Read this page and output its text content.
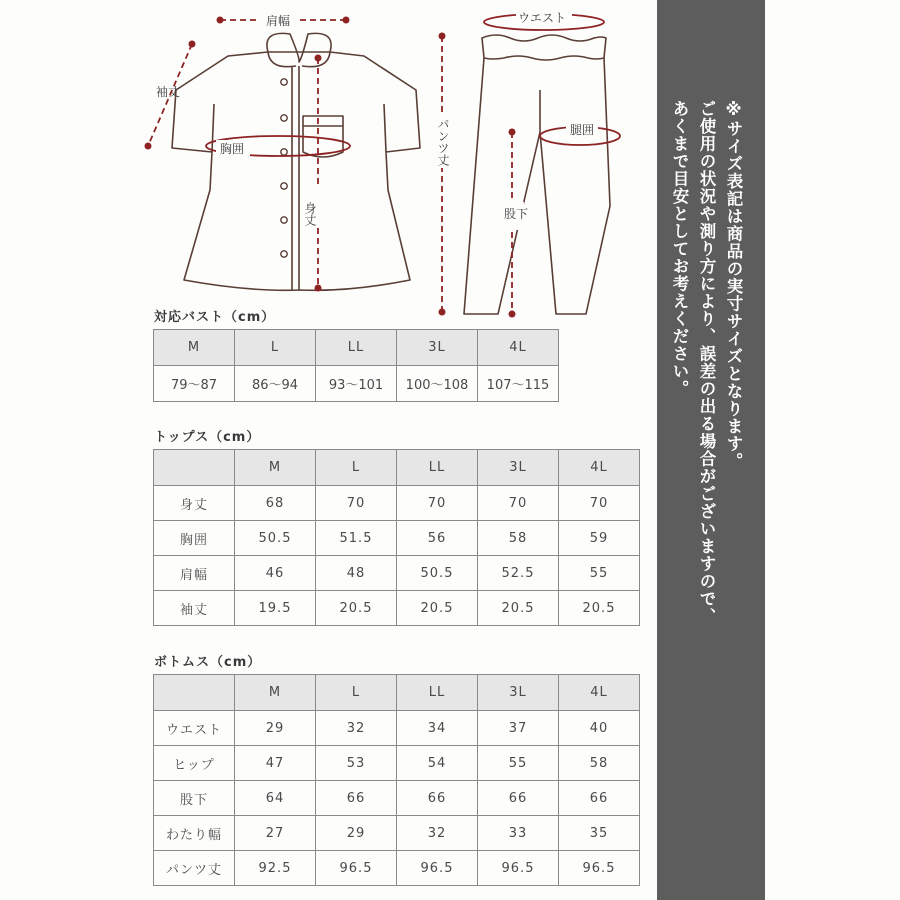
肩幅
袖丈
胸囲
身丈
ウエスト
パンツ丈
股下
腿囲
対応バスト（cm）
M	L	LL	3L	4L
79〜87	86〜94	93〜101	100〜108	107〜115
トップス（cm）
	M	L	LL	3L	4L
身丈	68	70	70	70	70
胸囲	50.5	51.5	56	58	59
肩幅	46	48	50.5	52.5	55
袖丈	19.5	20.5	20.5	20.5	20.5
ボトムス（cm）
	M	L	LL	3L	4L
ウエスト	29	32	34	37	40
ヒップ	47	53	54	55	58
股下	64	66	66	66	66
わたり幅	27	29	32	33	35
パンツ丈	92.5	96.5	96.5	96.5	96.5
※サイズ表記は商品の実寸サイズとなります。
ご使用の状況や測り方により、誤差の出る場合がございますので、
あくまで目安としてお考えください。
